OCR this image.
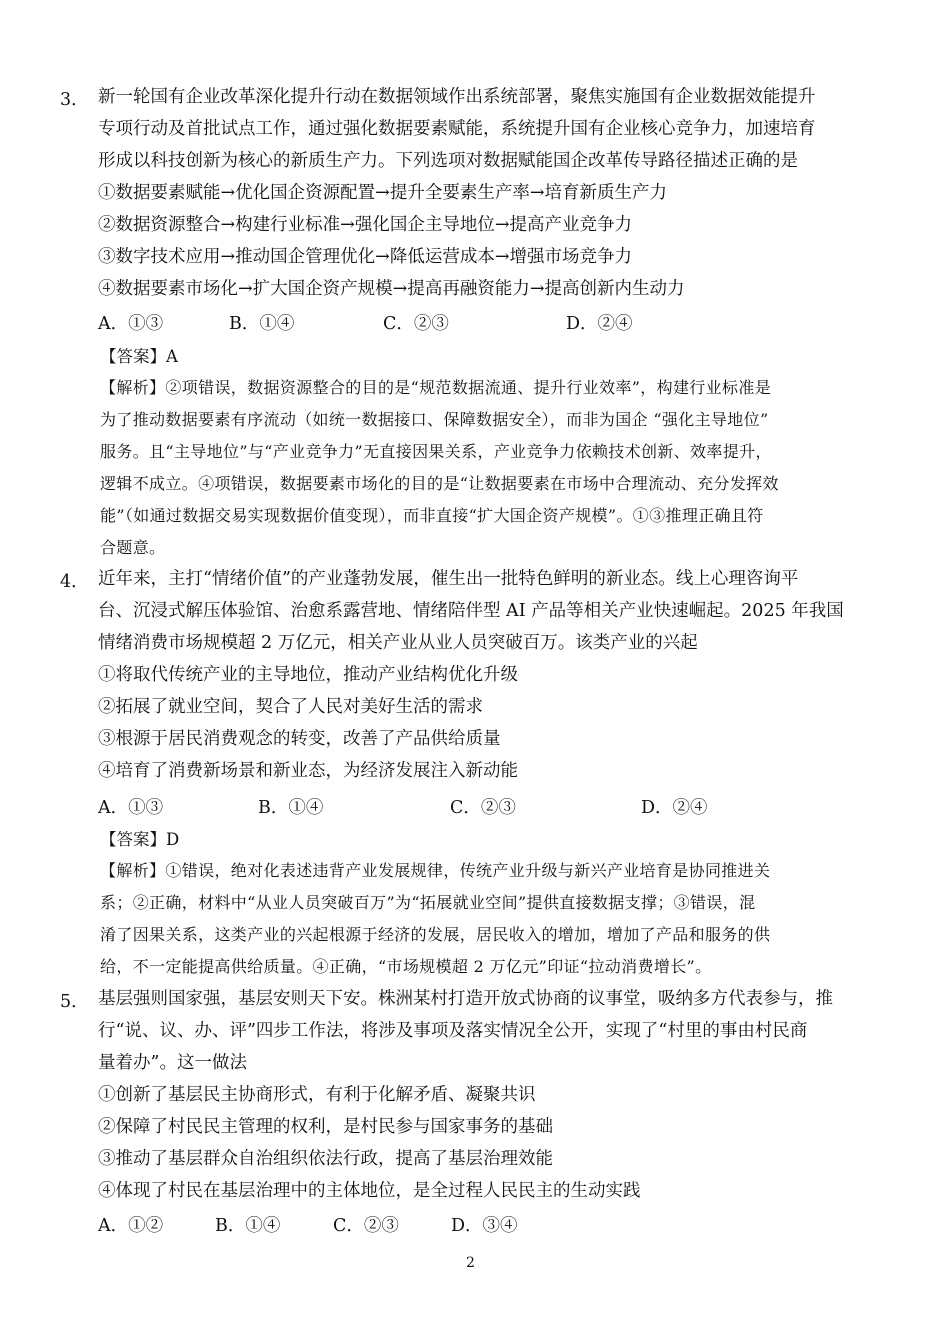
3． 新一轮国有企业改革深化提升行动在数据领域作出系统部署，聚焦实施国有企业数据效能提升
专项行动及首批试点工作，通过强化数据要素赋能，系统提升国有企业核心竞争力，加速培育
形成以科技创新为核心的新质生产力。下列选项对数据赋能国企改革传导路径描述正确的是
①数据要素赋能→优化国企资源配置→提升全要素生产率→培育新质生产力
②数据资源整合→构建行业标准→强化国企主导地位→提高产业竞争力
③数字技术应用→推动国企管理优化→降低运营成本→增强市场竞争力
④数据要素市场化→扩大国企资产规模→提高再融资能力→提高创新内生动力
A．①③	B．①④	C．②③	D．②④
【答案】A
【解析】②项错误，数据资源整合的目的是“规范数据流通、提升行业效率”，构建行业标准是
为了推动数据要素有序流动（如统一数据接口、保障数据安全），而非为国企 “强化主导地位”
服务。且“主导地位”与“产业竞争力”无直接因果关系，产业竞争力依赖技术创新、效率提升，
逻辑不成立。④项错误，数据要素市场化的目的是“让数据要素在市场中合理流动、充分发挥效
能”（如通过数据交易实现数据价值变现），而非直接“扩大国企资产规模”。①③推理正确且符
合题意。
4． 近年来，主打“情绪价值”的产业蓬勃发展，催生出一批特色鲜明的新业态。线上心理咨询平
台、沉浸式解压体验馆、治愈系露营地、情绪陪伴型 AI 产品等相关产业快速崛起。2025 年我国
情绪消费市场规模超 2 万亿元，相关产业从业人员突破百万。该类产业的兴起
①将取代传统产业的主导地位，推动产业结构优化升级
②拓展了就业空间，契合了人民对美好生活的需求
③根源于居民消费观念的转变，改善了产品供给质量
④培育了消费新场景和新业态，为经济发展注入新动能
A．①③	B．①④	C．②③	D．②④
【答案】D
【解析】①错误，绝对化表述违背产业发展规律，传统产业升级与新兴产业培育是协同推进关
系；②正确，材料中“从业人员突破百万”为“拓展就业空间”提供直接数据支撑；③错误，混
淆了因果关系，这类产业的兴起根源于经济的发展，居民收入的增加，增加了产品和服务的供
给，不一定能提高供给质量。④正确，“市场规模超 2 万亿元”印证“拉动消费增长”。
5． 基层强则国家强，基层安则天下安。株洲某村打造开放式协商的议事堂，吸纳多方代表参与，推
行“说、议、办、评”四步工作法，将涉及事项及落实情况全公开，实现了“村里的事由村民商
量着办”。这一做法
①创新了基层民主协商形式，有利于化解矛盾、凝聚共识
②保障了村民民主管理的权利，是村民参与国家事务的基础
③推动了基层群众自治组织依法行政，提高了基层治理效能
④体现了村民在基层治理中的主体地位，是全过程人民民主的生动实践
A．①②	B．①④	C．②③	D．③④
2
